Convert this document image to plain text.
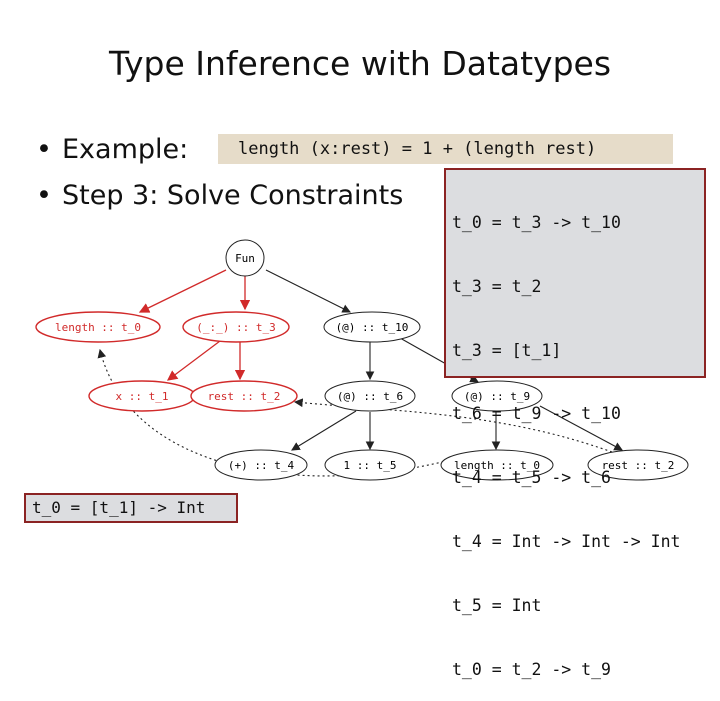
Type Inference with Datatypes
• Example:
• Step 3: Solve Constraints
length (x:rest) = 1 + (length rest)
Fun
length :: t_0	(_:_) :: t_3	(@) :: t_10
x :: t_1	rest :: t_2	(@) :: t_6	(@) :: t_9
(+) :: t_4	1 :: t_5	length :: t_0	rest :: t_2

t_0 = t_3 -> t_10

t_3 = t_2

t_3 = [t_1]

t_6 = t_9 -> t_10

t_4 = t_5 -> t_6

t_4 = Int -> Int -> Int

t_5 = Int

t_0 = t_2 -> t_9

t_0 = [t_1] -> Int
